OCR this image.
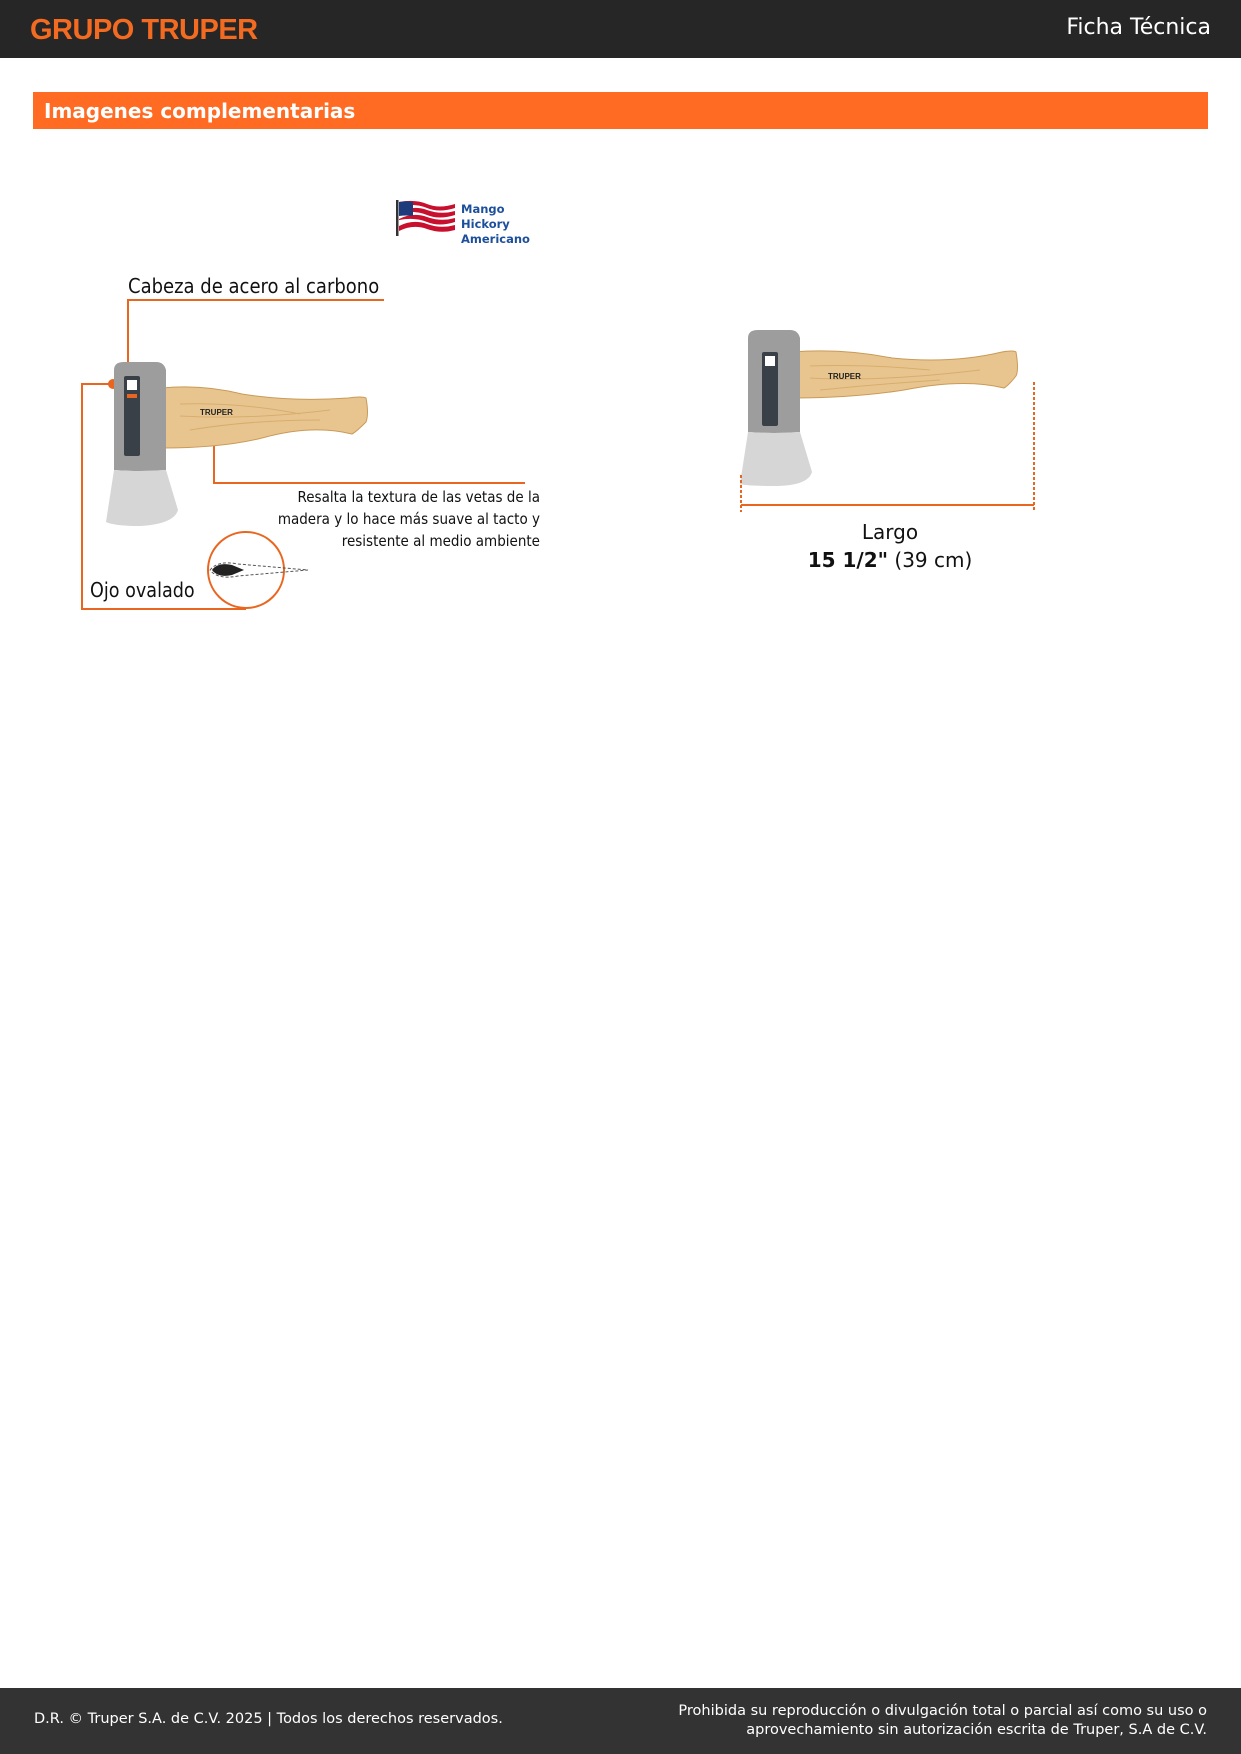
GRUPO TRUPER	Ficha Técnica
Imagenes complementarias
TRUPER
Mango
Hickory
Americano
Cabeza de acero al carbono
Resalta la textura de las vetas de la madera y lo hace más suave al tacto y resistente al medio ambiente
Ojo ovalado
TRUPER
Largo
15 1/2" (39 cm)
D.R. © Truper S.A. de C.V. 2025 | Todos los derechos reservados.	Prohibida su reproducción o divulgación total o parcial así como su uso o aprovechamiento sin autorización escrita de Truper, S.A de C.V.
